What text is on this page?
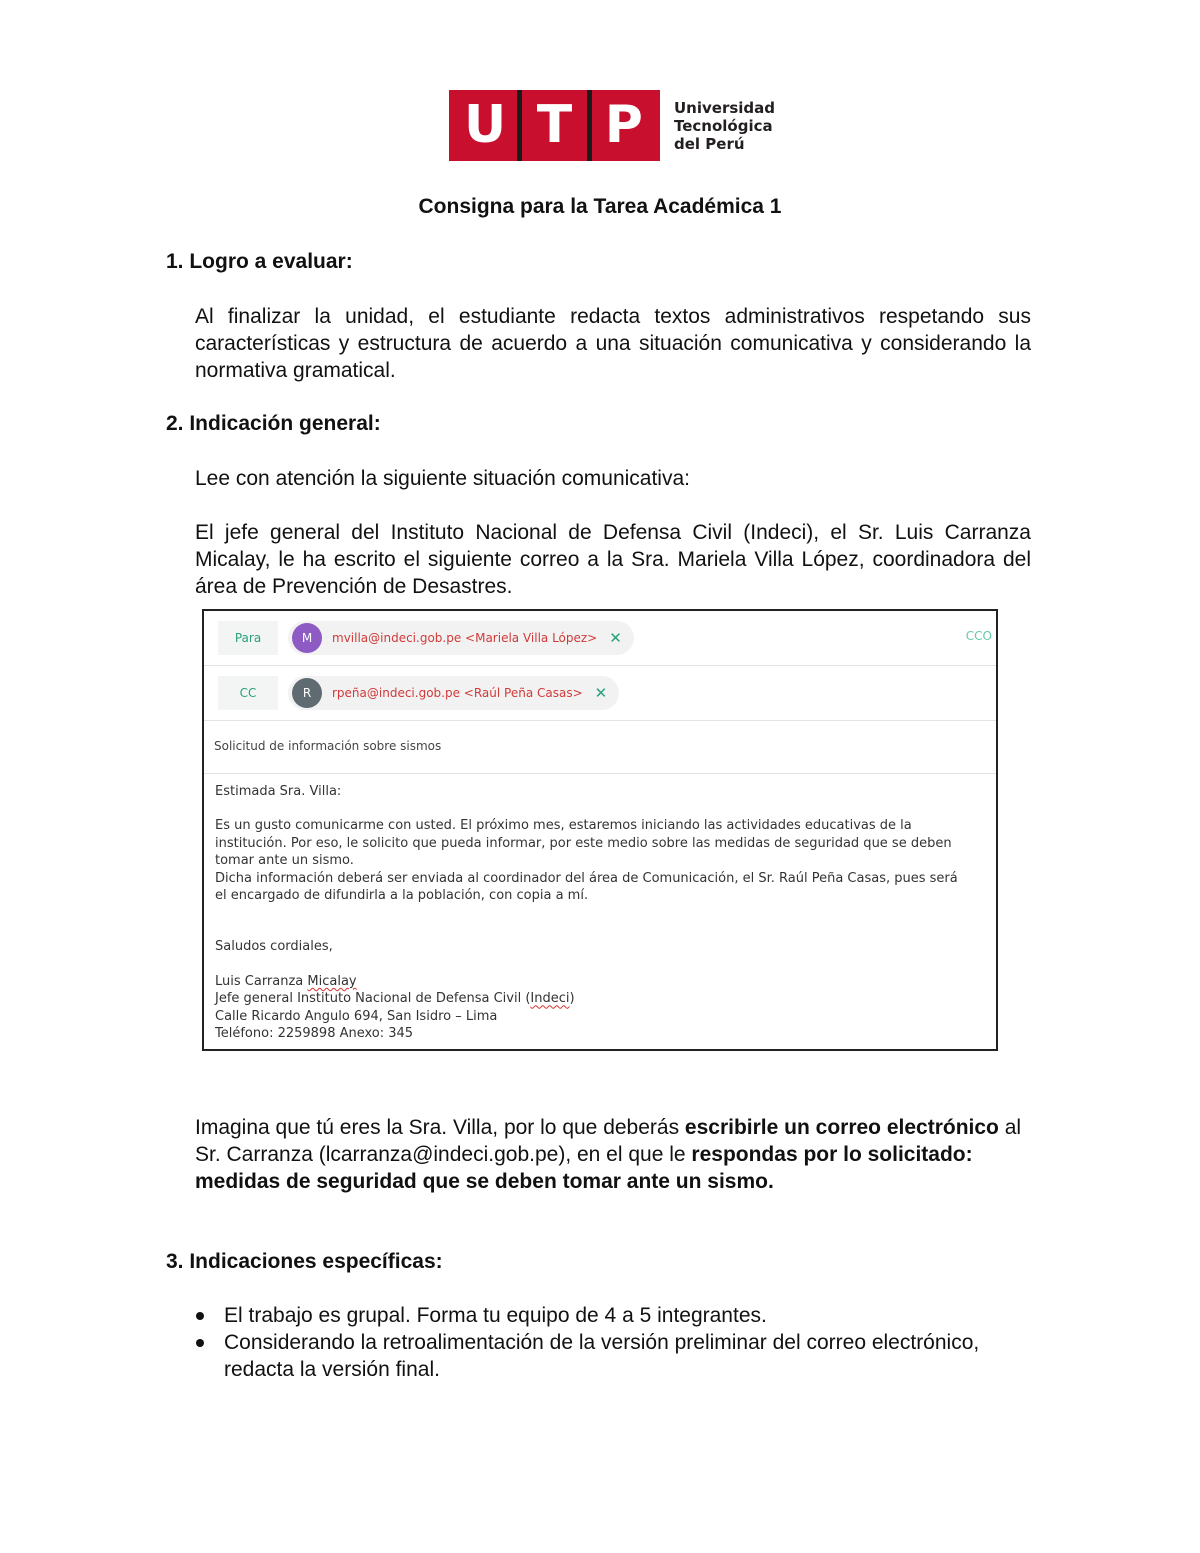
U T P	Universidad
Tecnológica
del Perú
Consigna para la Tarea Académica 1
1. Logro a evaluar:
Al finalizar la unidad, el estudiante redacta textos administrativos respetando sus características y estructura de acuerdo a una situación comunicativa y considerando la normativa gramatical.
2. Indicación general:
Lee con atención la siguiente situación comunicativa:
El jefe general del Instituto Nacional de Defensa Civil (Indeci), el Sr. Luis Carranza Micalay, le ha escrito el siguiente correo a la Sra. Mariela Villa López, coordinadora del área de Prevención de Desastres.
Para	M	mvilla@indeci.gob.pe <Mariela Villa López> ✕	CCO
CC	R	rpeña@indeci.gob.pe <Raúl Peña Casas> ✕
Solicitud de información sobre sismos
Estimada Sra. Villa:
Es un gusto comunicarme con usted. El próximo mes, estaremos iniciando las actividades educativas de la
institución. Por eso, le solicito que pueda informar, por este medio sobre las medidas de seguridad que se deben
tomar ante un sismo.
Dicha información deberá ser enviada al coordinador del área de Comunicación, el Sr. Raúl Peña Casas, pues será
el encargado de difundirla a la población, con copia a mí.
Saludos cordiales,
Luis Carranza Micalay
Jefe general Instituto Nacional de Defensa Civil (Indeci)
Calle Ricardo Angulo 694, San Isidro – Lima
Teléfono: 2259898 Anexo: 345
Imagina que tú eres la Sra. Villa, por lo que deberás escribirle un correo electrónico al Sr. Carranza (lcarranza@indeci.gob.pe), en el que le respondas por lo solicitado: medidas de seguridad que se deben tomar ante un sismo.
3. Indicaciones específicas:
El trabajo es grupal. Forma tu equipo de 4 a 5 integrantes.
Considerando la retroalimentación de la versión preliminar del correo electrónico, redacta la versión final.
